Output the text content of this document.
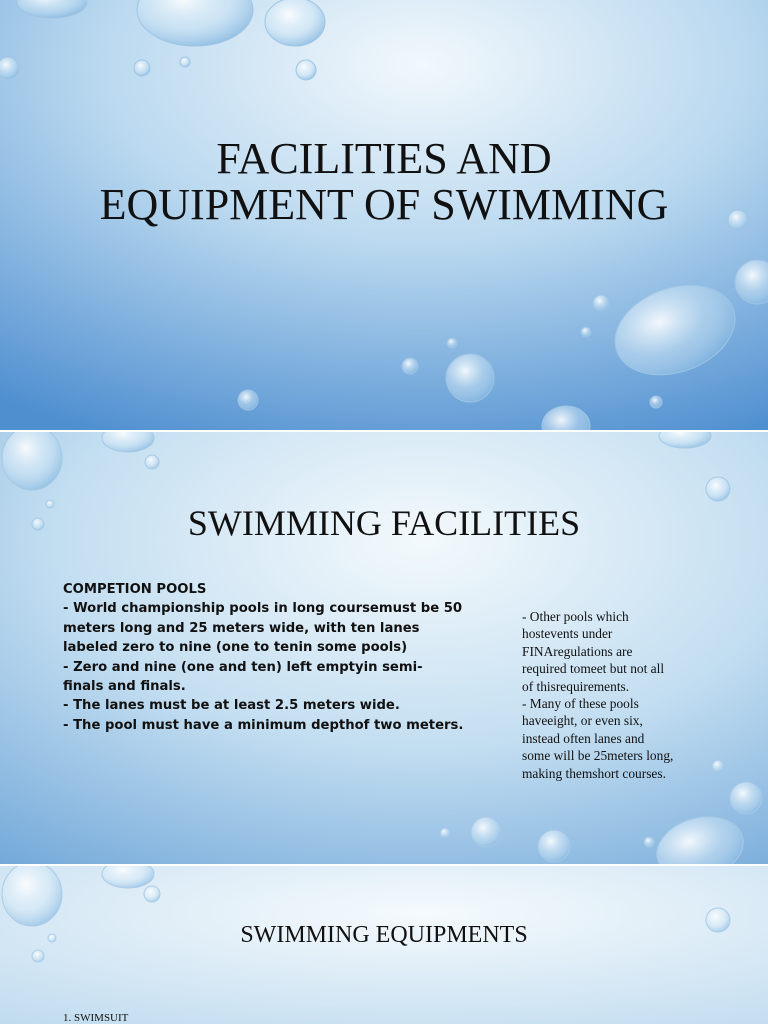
FACILITIES AND
EQUIPMENT OF SWIMMING
SWIMMING FACILITIES
COMPETION POOLS
- World championship pools in long coursemust be 50
meters long and 25 meters wide, with ten lanes
labeled zero to nine (one to tenin some pools)
- Zero and nine (one and ten) left emptyin semi-
finals and finals.
- The lanes must be at least 2.5 meters wide.
- The pool must have a minimum depthof two meters.
- Other pools which
hostevents under
FINAregulations are
required tomeet but not all
of thisrequirements.
- Many of these pools
haveeight, or even six,
instead often lanes and
some will be 25meters long,
making themshort courses.
SWIMMING EQUIPMENTS
1. SWIMSUIT
